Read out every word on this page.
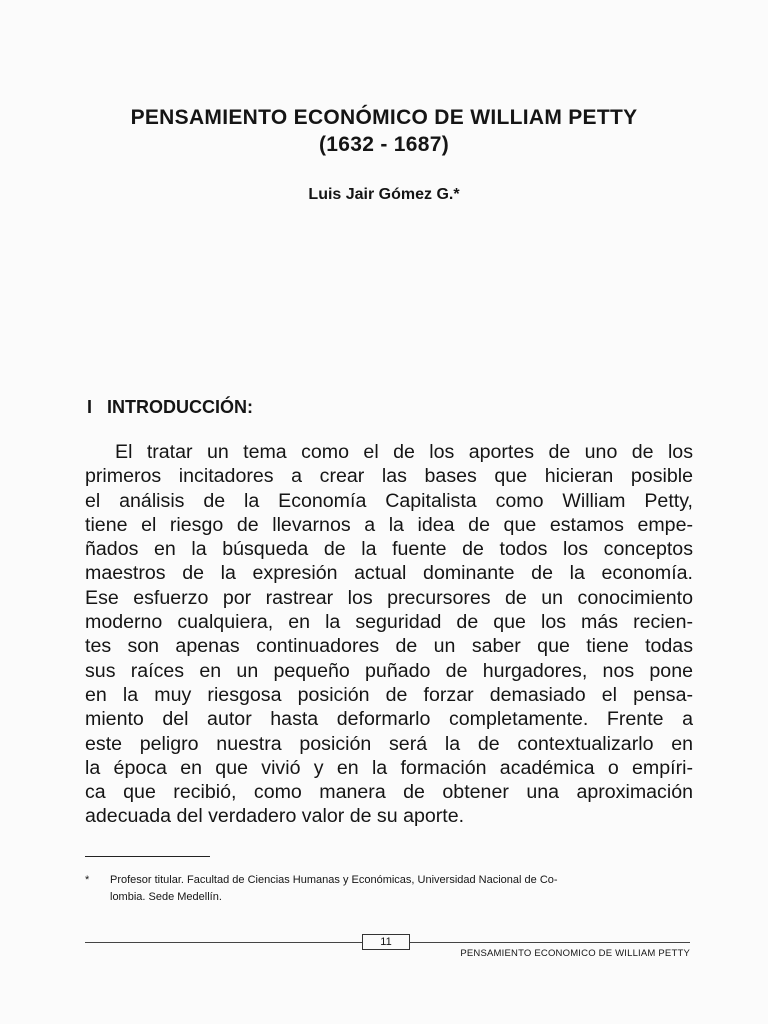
PENSAMIENTO ECONÓMICO DE WILLIAM PETTY
(1632 - 1687)
Luis Jair Gómez G.*
I INTRODUCCIÓN:
El tratar un tema como el de los aportes de uno de los
primeros incitadores a crear las bases que hicieran posible
el análisis de la Economía Capitalista como William Petty,
tiene el riesgo de llevarnos a la idea de que estamos empe-
ñados en la búsqueda de la fuente de todos los conceptos
maestros de la expresión actual dominante de la economía.
Ese esfuerzo por rastrear los precursores de un conocimiento
moderno cualquiera, en la seguridad de que los más recien-
tes son apenas continuadores de un saber que tiene todas
sus raíces en un pequeño puñado de hurgadores, nos pone
en la muy riesgosa posición de forzar demasiado el pensa-
miento del autor hasta deformarlo completamente. Frente a
este peligro nuestra posición será la de contextualizarlo en
la época en que vivió y en la formación académica o empíri-
ca que recibió, como manera de obtener una aproximación
adecuada del verdadero valor de su aporte.
*	Profesor titular. Facultad de Ciencias Humanas y Económicas, Universidad Nacional de Co-
lombia. Sede Medellín.
11
PENSAMIENTO ECONOMICO DE WILLIAM PETTY
